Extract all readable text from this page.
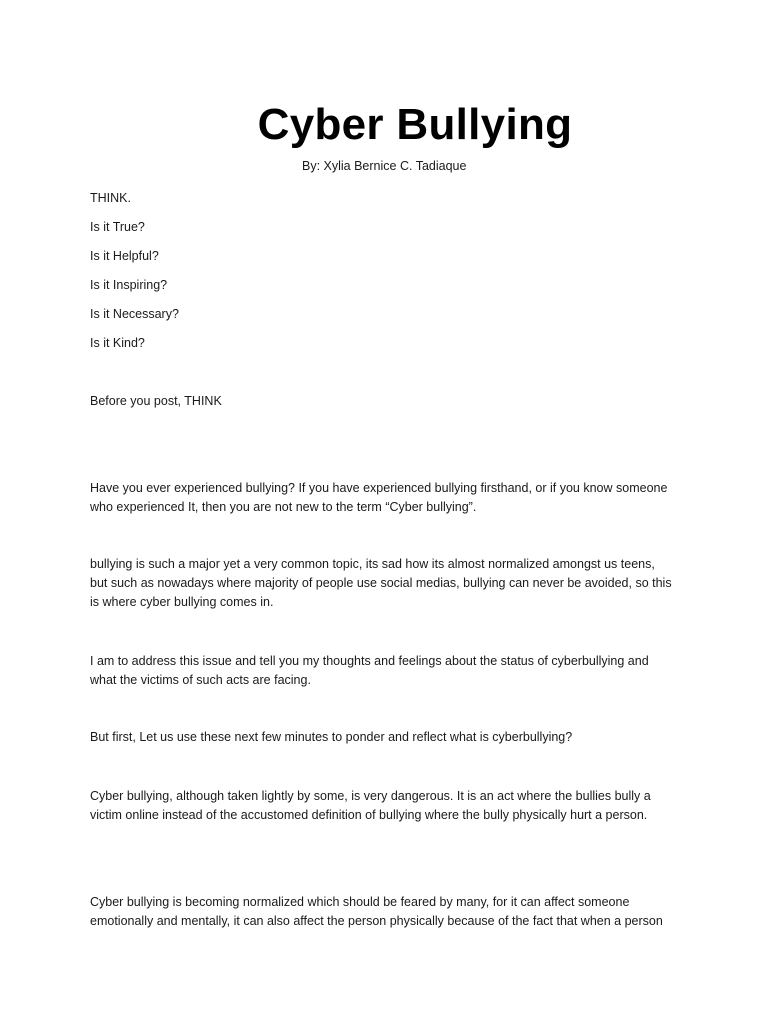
Cyber Bullying

By: Xylia Bernice C. Tadiaque

THINK.

Is it True?

Is it Helpful?

Is it Inspiring?

Is it Necessary?

Is it Kind?

Before you post, THINK

Have you ever experienced bullying? If you have experienced bullying firsthand, or if you know someone
who experienced It, then you are not new to the term “Cyber bullying”.
bullying is such a major yet a very common topic, its sad how its almost normalized amongst us teens,
but such as nowadays where majority of people use social medias, bullying can never be avoided, so this
is where cyber bullying comes in.
I am to address this issue and tell you my thoughts and feelings about the status of cyberbullying and
what the victims of such acts are facing.
But first, Let us use these next few minutes to ponder and reflect what is cyberbullying?
Cyber bullying, although taken lightly by some, is very dangerous. It is an act where the bullies bully a
victim online instead of the accustomed definition of bullying where the bully physically hurt a person.
Cyber bullying is becoming normalized which should be feared by many, for it can affect someone
emotionally and mentally, it can also affect the person physically because of the fact that when a person
